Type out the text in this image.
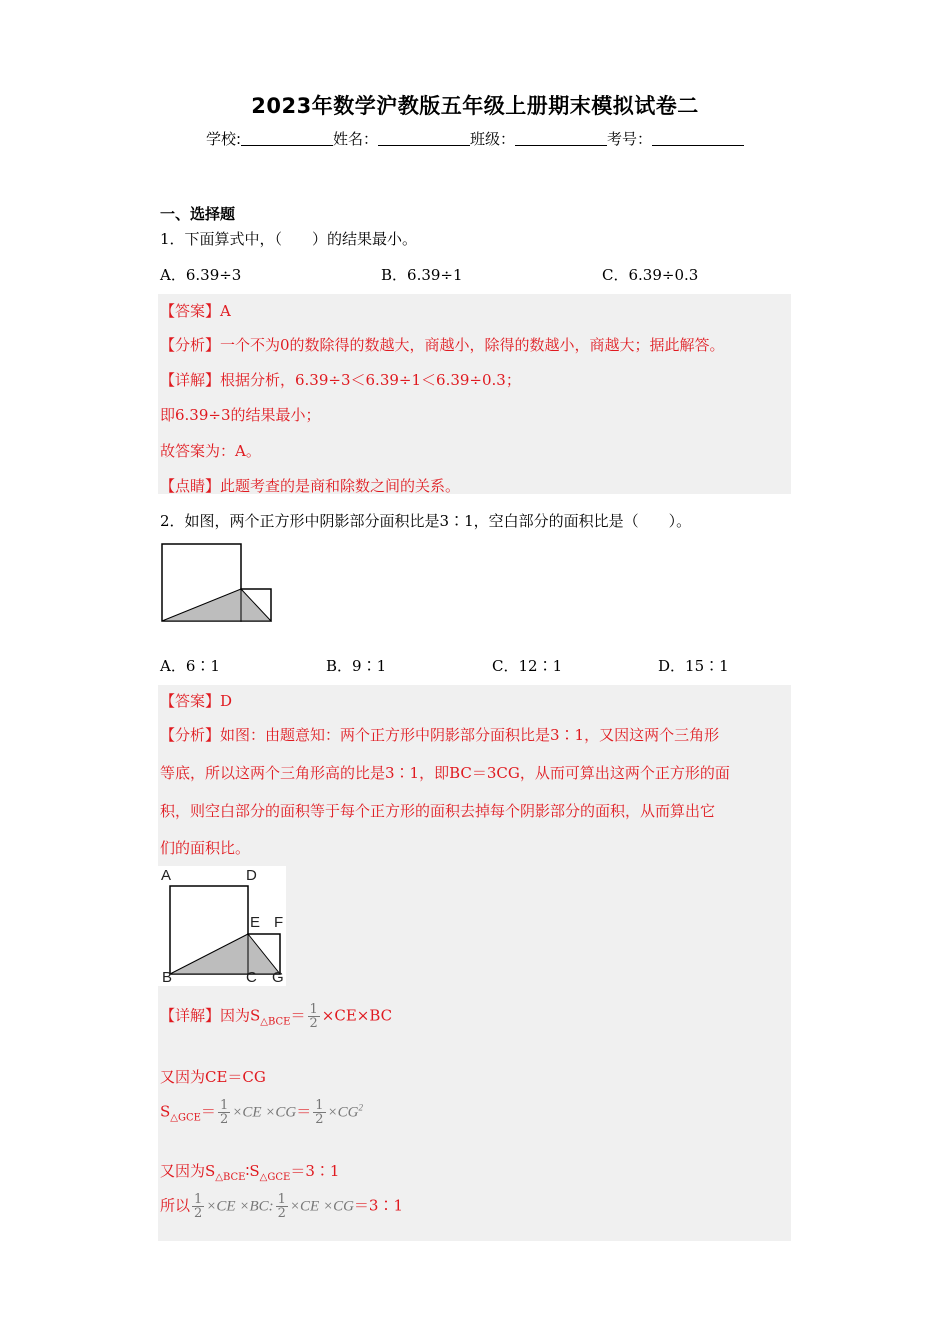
2023年数学沪教版五年级上册期末模拟试卷二
学校:	姓名：	班级：	考号：
一、选择题
1．下面算式中，（　　）的结果最小。
A．6.39÷3	B．6.39÷1	C．6.39÷0.3
【答案】A
【分析】一个不为0的数除得的数越大，商越小，除得的数越小，商越大；据此解答。
【详解】根据分析，6.39÷3＜6.39÷1＜6.39÷0.3；
即6.39÷3的结果最小；
故答案为：A。
【点睛】此题考查的是商和除数之间的关系。
2．如图，两个正方形中阴影部分面积比是3∶1，空白部分的面积比是（　　）。
A．6∶1	B．9∶1	C．12∶1	D．15∶1
【答案】D
【分析】如图：由题意知：两个正方形中阴影部分面积比是3∶1，又因这两个三角形
等底，所以这两个三角形高的比是3∶1，即BC＝3CG，从而可算出这两个正方形的面
积，则空白部分的面积等于每个正方形的面积去掉每个阴影部分的面积，从而算出它
们的面积比。
A	D
E F
B	C G
【详解】因为$S_{\triangle BCE}= \frac{1}{2} \times CE\times BC$
又因为CE＝CG
$S_{\triangle GCE}= \frac{1}{2} \times CE \times CG= \frac{1}{2} \times CG^2$
又因为$S_{\triangle BCE}∶S_{\triangle GCE}=3∶1$
所以 $\frac{1}{2} \times CE \times BC$: $\frac{1}{2} \times CE$ ×CG＝3∶1
